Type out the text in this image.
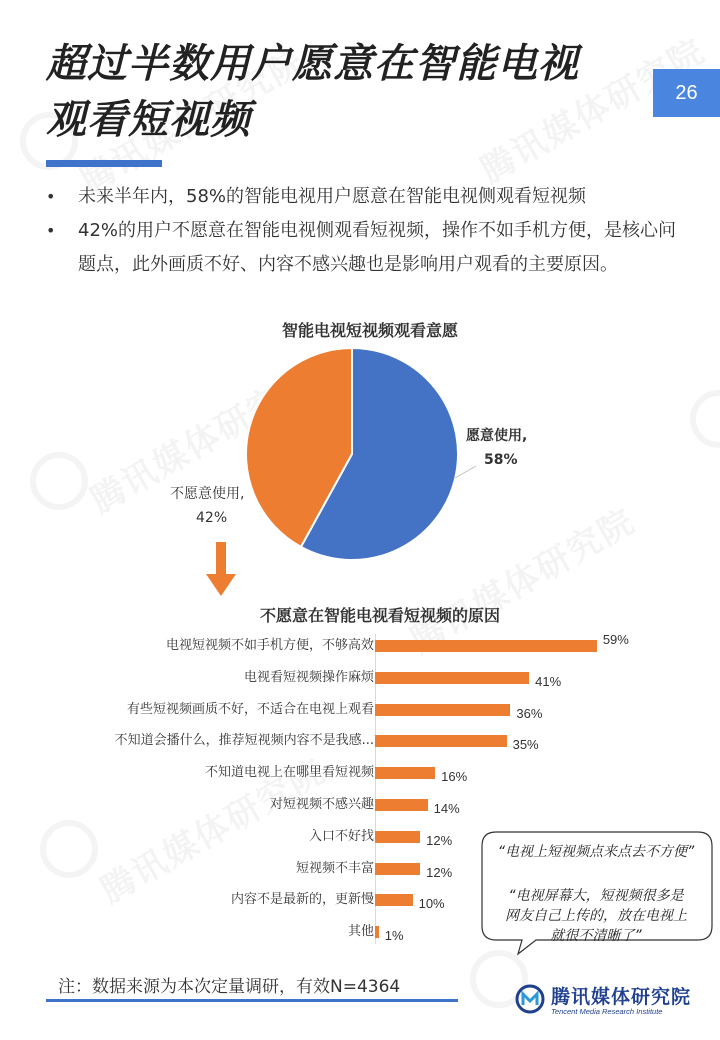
超过半数用户愿意在智能电视
观看短视频
26
• 未来半年内，58%的智能电视用户愿意在智能电视侧观看短视频
• 42%的用户不愿意在智能电视侧观看短视频，操作不如手机方便，是核心问题点，此外画质不好、内容不感兴趣也是影响用户观看的主要原因。
智能电视短视频观看意愿
愿意使用,
58%
不愿意使用,
42%
不愿意在智能电视看短视频的原因
电视短视频不如手机方便，不够高效	59%
电视看短视频操作麻烦	41%
有些短视频画质不好，不适合在电视上观看	36%
不知道会播什么，推荐短视频内容不是我感...	35%
不知道电视上在哪里看短视频	16%
对短视频不感兴趣	14%
入口不好找	12%
短视频不丰富	12%
内容不是最新的，更新慢	10%
其他 1%
“电视上短视频点来点去不方便”
“电视屏幕大，短视频很多是
网友自己上传的，放在电视上
就很不清晰了”
注：数据来源为本次定量调研，有效N=4364	腾讯媒体研究院
Tencent Media Research Institute
